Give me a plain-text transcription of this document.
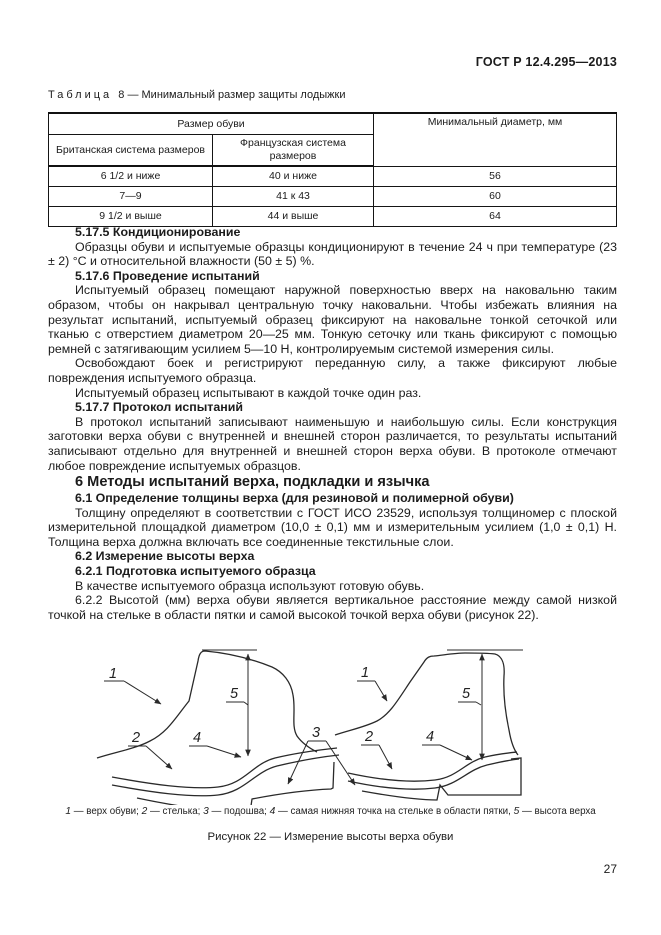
ГОСТ Р 12.4.295—2013
Таблица 8 — Минимальный размер защиты лодыжки
Размер обуви		Минимальный диаметр, мм
Британская система размеров	Французская система размеров	
6 1/2 и ниже	40 и ниже	56
7—9	41 к 43	60
9 1/2 и выше	44 и выше	64

5.17.5 Кондиционирование

Образцы обуви и испытуемые образцы кондиционируют в течение 24 ч при температуре (23 ± 2) °С и относительной влажности (50 ± 5) %.

5.17.6 Проведение испытаний

Испытуемый образец помещают наружной поверхностью вверх на наковальню таким образом, чтобы он накрывал центральную точку наковальни. Чтобы избежать влияния на результат испытаний, испытуемый образец фиксируют на наковальне тонкой сеточкой или тканью с отверстием диаметром 20—25 мм. Тонкую сеточку или ткань фиксируют с помощью ремней с затягивающим усилием 5—10 Н, контролируемым системой измерения силы.

Освобождают боек и регистрируют переданную силу, а также фиксируют любые повреждения испытуемого образца.

Испытуемый образец испытывают в каждой точке один раз.

5.17.7 Протокол испытаний

В протокол испытаний записывают наименьшую и наибольшую силы. Если конструкция заготовки верха обуви с внутренней и внешней сторон различается, то результаты испытаний записывают отдельно для внутренней и внешней сторон верха обуви. В протоколе отмечают любое повреждение испытуемых образцов.

6 Методы испытаний верха, подкладки и язычка

6.1 Определение толщины верха (для резиновой и полимерной обуви)

Толщину определяют в соответствии с ГОСТ ИСО 23529, используя толщиномер с плоской измерительной площадкой диаметром (10,0 ± 0,1) мм и измерительным усилием (1,0 ± 0,1) Н. Толщина верха должна включать все соединенные текстильные слои.

6.2 Измерение высоты верха

6.2.1 Подготовка испытуемого образца

В качестве испытуемого образца используют готовую обувь.

6.2.2 Высотой (мм) верха обуви является вертикальное расстояние между самой низкой точкой на стельке в области пятки и самой высокой точкой верха обуви (рисунок 22).

1
2	4
5
3
1
2	4
5
1 — верх обуви; 2 — стелька; 3 — подошва; 4 — самая нижняя точка на стельке в области пятки, 5 — высота верха
Рисунок 22 — Измерение высоты верха обуви
27
